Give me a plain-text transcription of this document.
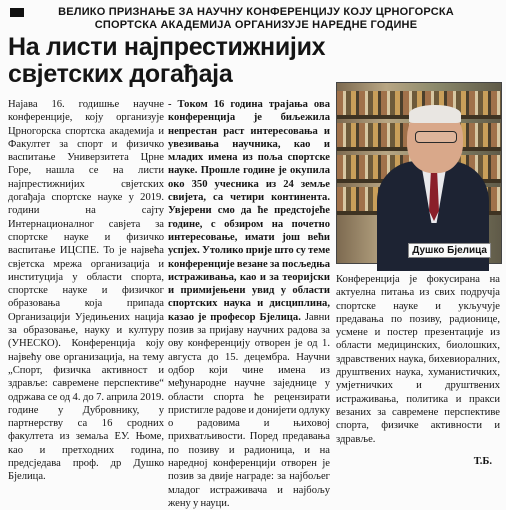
ВЕЛИКО ПРИЗНАЊЕ ЗА НАУЧНУ КОНФЕРЕНЦИЈУ КОЈУ ЦРНОГОРСКА СПОРТСКА АКАДЕМИЈА ОРГАНИЗУЈЕ НАРЕДНЕ ГОДИНЕ
На листи најпрестижнијих свјетских догађаја
Душко Бјелица
Најава 16. годишње научне конференције, коју организује Црногорска спортска академија и Факултет за спорт и физичко васпитање Универзитета Црне Горе, нашла се на листи најпрестижнијих свјетских догађаја спортске науке у 2019. години на сајту Интернационалног савјета за спортске науке и физичко васпитање ИЦСПЕ. То је највећа свјетска мрежа организација и институција у области спорта, спортске науке и физичког образовања која припада Организацији Уједињених нација за образовање, науку и културу (УНЕСКО). Конференција коју највећу ове организација, на тему „Спорт, физичка активност и здравље: савремене перспективе“ одржава се од 4. до 7. априла 2019. године у Дубровнику, у партнерству са 16 сродних факултета из земаља ЕУ. Њоме, као и претходних година, предсједава проф. др Душко Бјелица.
- Током 16 година трајања ова конференција је биљежила непрестан раст интересовања и увезивања научника, као и младих имена из поља спортске науке. Прошле године је окупила око 350 учесника из 24 земље свијета, са четири континента. Увјерени смо да ће предстојеће године, с обзиром на почетно интересовање, имати још већи успјех. Утолико прије што су теме конференције везане за посљедња истраживања, као и за теоријски и примијењени увид у области спортских наука и дисциплина, казао је професор Бјелица. Јавни позив за пријаву научних радова за ову конференцију отворен је од 1. августа до 15. децембра. Научни одбор који чине имена из међународне научне заједнице у области спорта ће рецензирати пристигле радове и донијети одлуку о радовима и њиховој прихватљивости. Поред предавања по позиву и радионица, и на наредној конференцији отворен је позив за двије награде: за најбољег младог истраживача и најбољу жену у науци.
Конференција је фокусирана на актуелна питања из свих подручја спортске науке и укључује предавања по позиву, радионице, усмене и постер презентације из области медицинских, биолошких, здравствених наука, бихевиоралних, друштвених наука, хуманистичких, умјетничких и друштвених истраживања, политика и пракси везаних за савремене перспективе спорта, физичке активности и здравље.
Т.Б.
